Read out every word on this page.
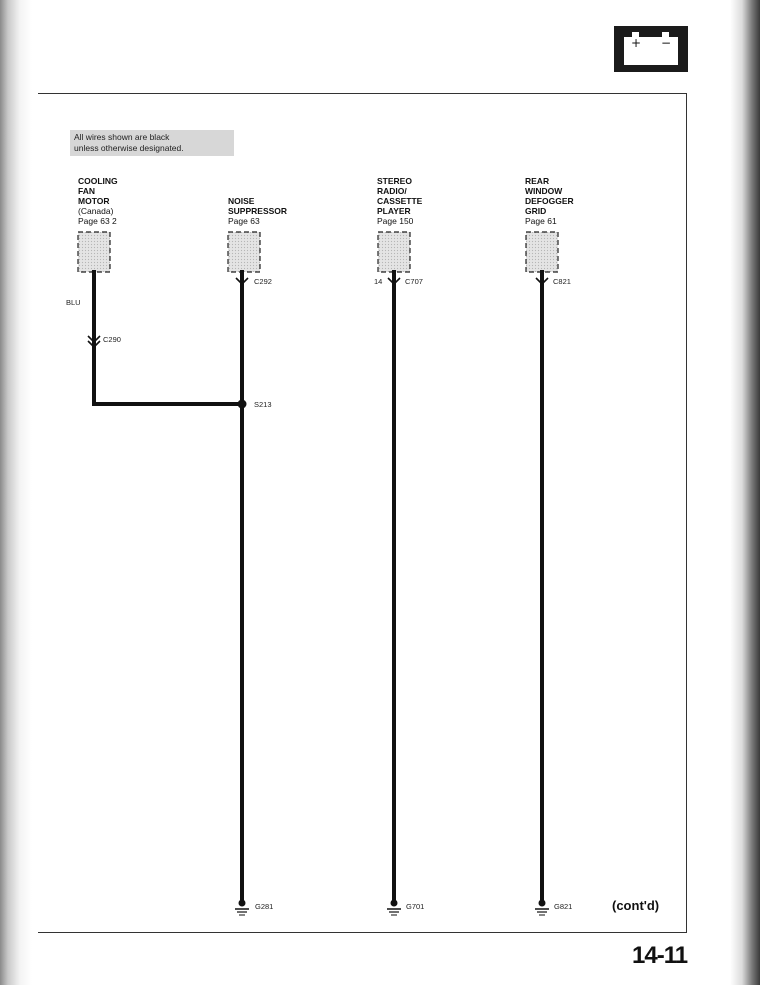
+ −
All wires shown are black
unless otherwise designated.
COOLING
FAN
MOTOR
(Canada)
Page 63 2
NOISE
SUPPRESSOR
Page 63
STEREO
RADIO/
CASSETTE
PLAYER
Page 150
REAR
WINDOW
DEFOGGER
GRID
Page 61
BLU
C290
C292	14	C707	C821
S213
G281	G701	G821	(cont'd)
14-11
